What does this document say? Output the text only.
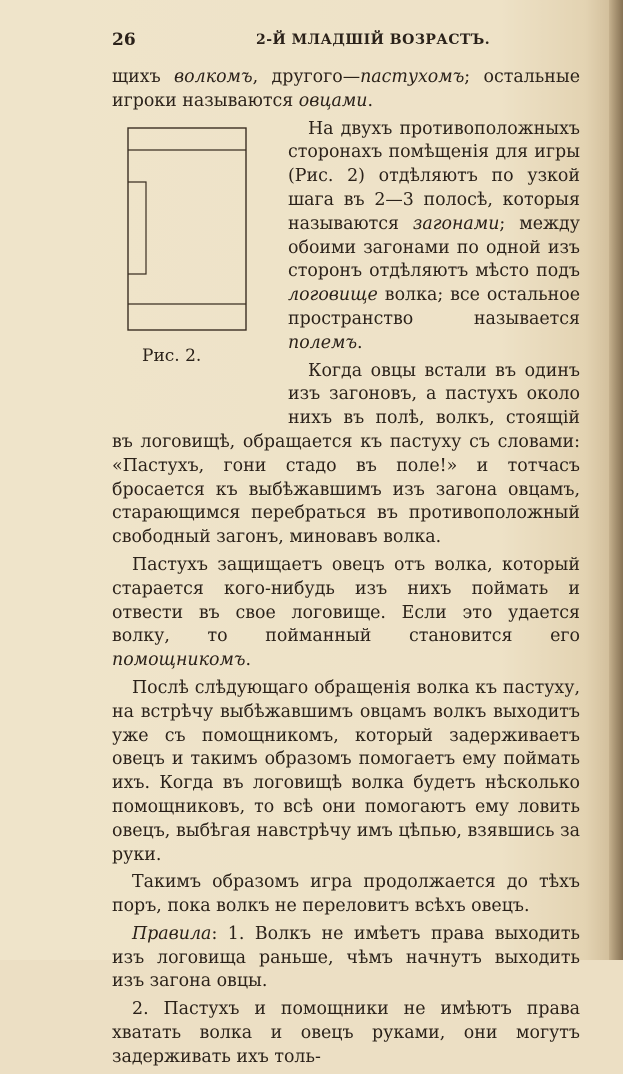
26	2-Й МЛАДШІЙ ВОЗРАСТЪ.

щихъ волкомъ, другого—пастухомъ; остальные игроки называются овцами.

Рис. 2.

На двухъ противоположныхъ сторонахъ помѣщенія для игры (Рис. 2) отдѣляютъ по узкой шага въ 2—3 полосѣ, которыя называются загонами; между обоими загонами по одной изъ сторонъ отдѣляютъ мѣсто подъ логовище волка; все остальное пространство называется полемъ.

Когда овцы встали въ одинъ изъ загоновъ, а пастухъ около нихъ въ полѣ, волкъ, стоящій въ логовищѣ, обращается къ пастуху съ словами: «Пастухъ, гони стадо въ поле!» и тотчасъ бросается къ выбѣжавшимъ изъ загона овцамъ, старающимся перебраться въ противоположный свободный загонъ, миновавъ волка.

Пастухъ защищаетъ овецъ отъ волка, который старается кого-нибудь изъ нихъ поймать и отвести въ свое логовище. Если это удается волку, то пойманный становится его помощникомъ.

Послѣ слѣдующаго обращенія волка къ пастуху, на встрѣчу выбѣжавшимъ овцамъ волкъ выходитъ уже съ помощникомъ, который задерживаетъ овецъ и такимъ образомъ помогаетъ ему поймать ихъ. Когда въ логовищѣ волка будетъ нѣсколько помощниковъ, то всѣ они помогаютъ ему ловить овецъ, выбѣгая навстрѣчу имъ цѣпью, взявшись за руки.

Такимъ образомъ игра продолжается до тѣхъ поръ, пока волкъ не переловитъ всѣхъ овецъ.

Правила: 1. Волкъ не имѣетъ права выходить изъ логовища раньше, чѣмъ начнутъ выходить изъ загона овцы.

2. Пастухъ и помощники не имѣютъ права хватать волка и овецъ руками, они могутъ задерживать ихъ толь-
